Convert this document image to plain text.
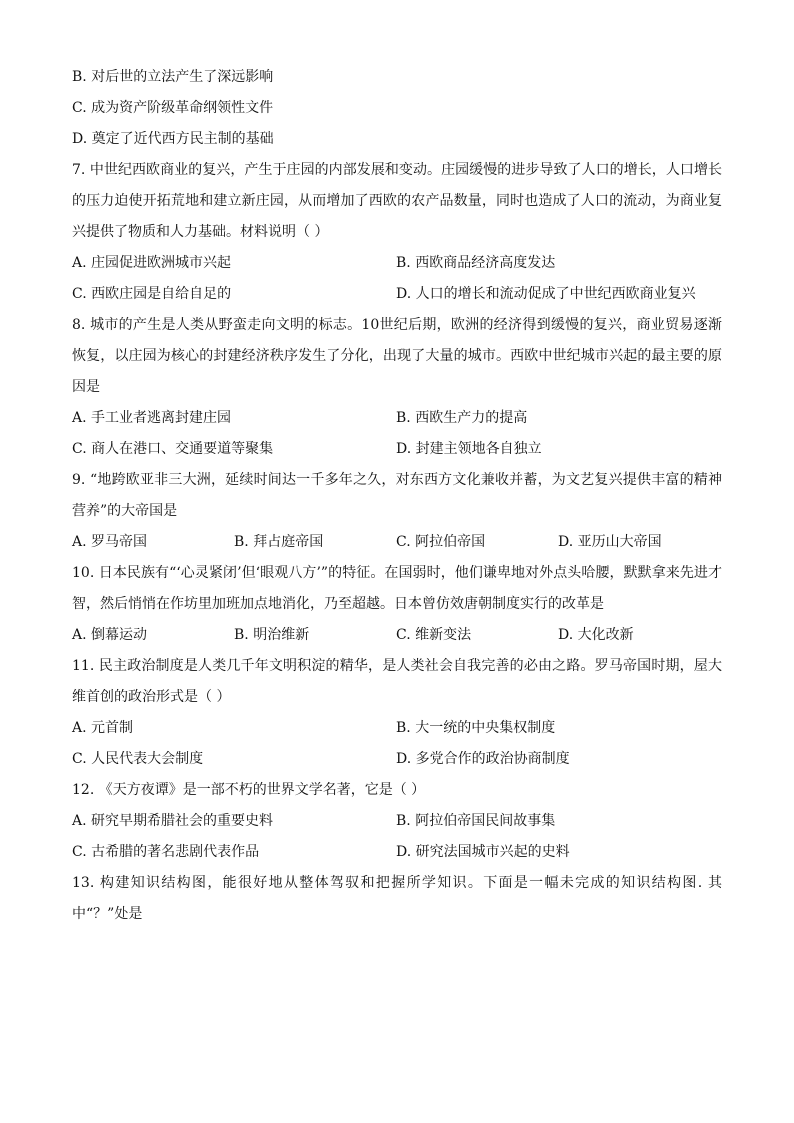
B. 对后世的立法产生了深远影响
C. 成为资产阶级革命纲领性文件
D. 奠定了近代西方民主制的基础
7. 中世纪西欧商业的复兴，产生于庄园的内部发展和变动。庄园缓慢的进步导致了人口的增长，人口增长的压力迫使开拓荒地和建立新庄园，从而增加了西欧的农产品数量，同时也造成了人口的流动，为商业复兴提供了物质和人力基础。材料说明（ ）
A. 庄园促进欧洲城市兴起	B. 西欧商品经济高度发达
C. 西欧庄园是自给自足的	D. 人口的增长和流动促成了中世纪西欧商业复兴
8. 城市的产生是人类从野蛮走向文明的标志。10世纪后期，欧洲的经济得到缓慢的复兴，商业贸易逐渐恢复，以庄园为核心的封建经济秩序发生了分化，出现了大量的城市。西欧中世纪城市兴起的最主要的原因是
A. 手工业者逃离封建庄园	B. 西欧生产力的提高
C. 商人在港口、交通要道等聚集	D. 封建主领地各自独立
9. “地跨欧亚非三大洲，延续时间达一千多年之久，对东西方文化兼收并蓄，为文艺复兴提供丰富的精神营养”的大帝国是
A. 罗马帝国	B. 拜占庭帝国	C. 阿拉伯帝国	D. 亚历山大帝国
10. 日本民族有“‘心灵紧闭’但‘眼观八方’”的特征。在国弱时，他们谦卑地对外点头哈腰，默默拿来先进才智，然后悄悄在作坊里加班加点地消化，乃至超越。日本曾仿效唐朝制度实行的改革是
A. 倒幕运动	B. 明治维新	C. 维新变法	D. 大化改新
11. 民主政治制度是人类几千年文明积淀的精华，是人类社会自我完善的必由之路。罗马帝国时期，屋大维首创的政治形式是（ ）
A. 元首制	B. 大一统的中央集权制度
C. 人民代表大会制度	D. 多党合作的政治协商制度
12. 《天方夜谭》是一部不朽的世界文学名著，它是（ ）
A. 研究早期希腊社会的重要史料	B. 阿拉伯帝国民间故事集
C. 古希腊的著名悲剧代表作品	D. 研究法国城市兴起的史料
13. 构建知识结构图，能很好地从整体驾驭和把握所学知识。下面是一幅未完成的知识结构图. 其中“？”处是
